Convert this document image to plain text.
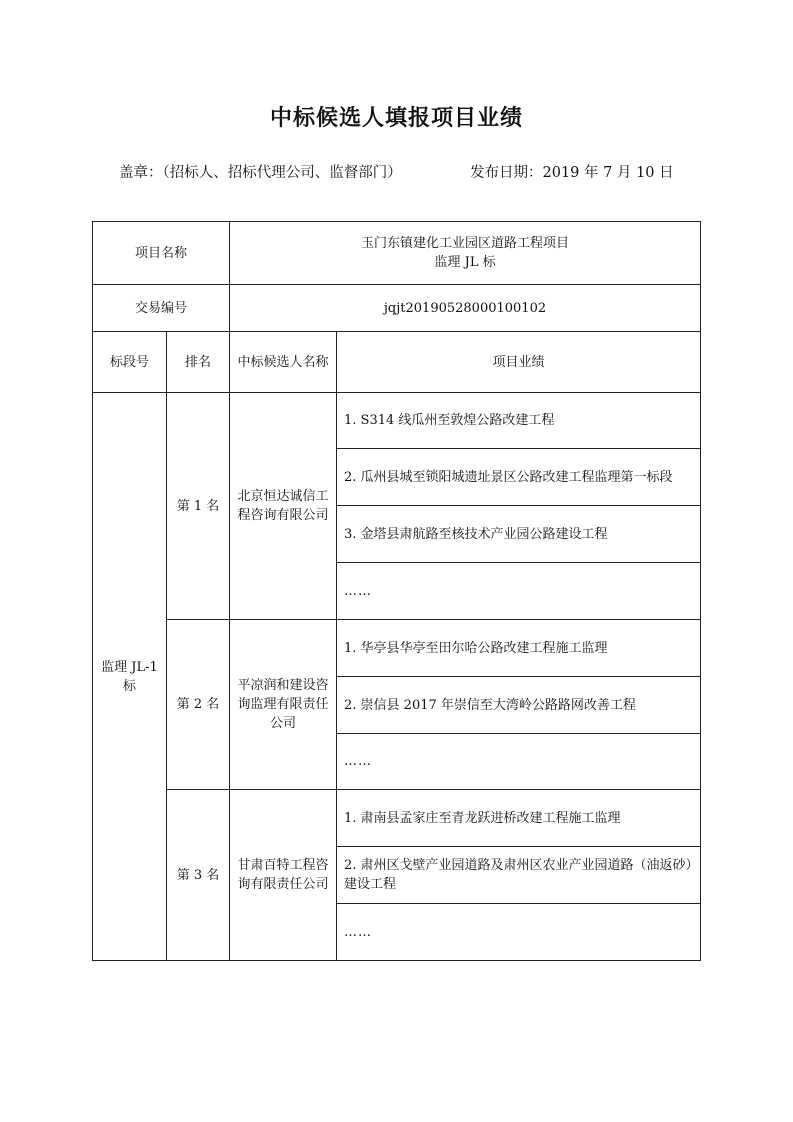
中标候选人填报项目业绩
盖章：（招标人、招标代理公司、监督部门）	发布日期：2019 年 7 月 10 日
项目名称		玉门东镇建化工业园区道路工程项目
监理 JL 标	

交易编号		jqjt20190528000100102	
标段号	排名	中标候选人名称	项目业绩
监理 JL-1 标	第 1 名	北京恒达诚信工程咨询有限公司	1. S314 线瓜州至敦煌公路改建工程
			2. 瓜州县城至锁阳城遗址景区公路改建工程监理第一标段
			3. 金塔县肃航路至核技术产业园公路建设工程
			……
	第 2 名	平凉润和建设咨询监理有限责任公司	1. 华亭县华亭至田尔哈公路改建工程施工监理
			2. 崇信县 2017 年崇信至大湾岭公路路网改善工程
			……
	第 3 名	甘肃百特工程咨询有限责任公司	1. 肃南县孟家庄至青龙跃进桥改建工程施工监理
			2. 肃州区戈壁产业园道路及肃州区农业产业园道路（油返砂）建设工程
			……
